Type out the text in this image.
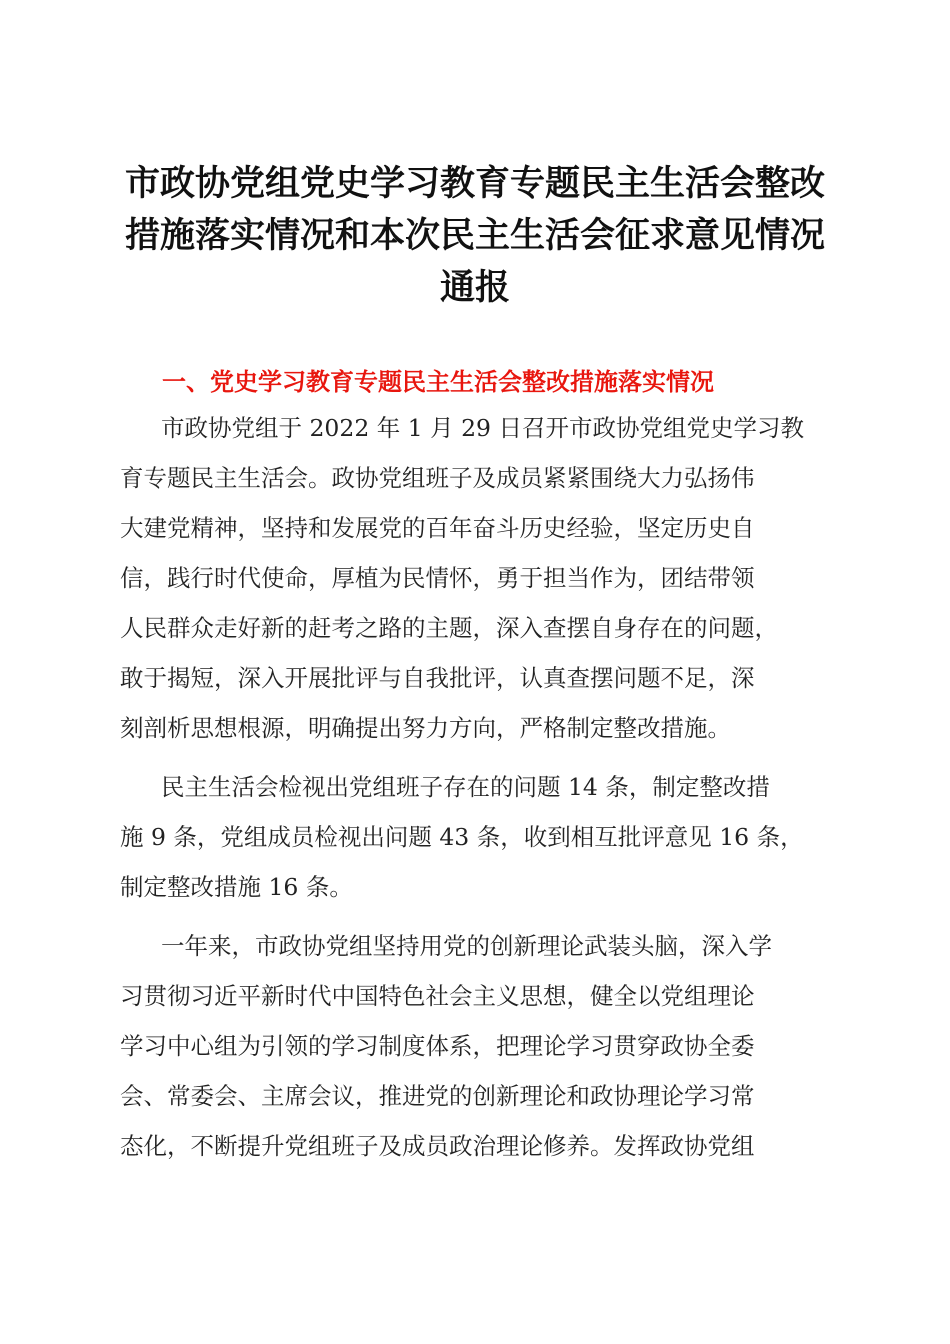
市政协党组党史学习教育专题民主生活会整改
措施落实情况和本次民主生活会征求意见情况
通报
一、党史学习教育专题民主生活会整改措施落实情况

市政协党组于 2022 年 1 月 29 日召开市政协党组党史学习教
育专题民主生活会。政协党组班子及成员紧紧围绕大力弘扬伟
大建党精神，坚持和发展党的百年奋斗历史经验，坚定历史自
信，践行时代使命，厚植为民情怀，勇于担当作为，团结带领
人民群众走好新的赶考之路的主题，深入查摆自身存在的问题，
敢于揭短，深入开展批评与自我批评，认真查摆问题不足，深
刻剖析思想根源，明确提出努力方向，严格制定整改措施。

民主生活会检视出党组班子存在的问题 14 条，制定整改措
施 9 条，党组成员检视出问题 43 条，收到相互批评意见 16 条，
制定整改措施 16 条。

一年来，市政协党组坚持用党的创新理论武装头脑，深入学
习贯彻习近平新时代中国特色社会主义思想，健全以党组理论
学习中心组为引领的学习制度体系，把理论学习贯穿政协全委
会、常委会、主席会议，推进党的创新理论和政协理论学习常
态化，不断提升党组班子及成员政治理论修养。发挥政协党组
